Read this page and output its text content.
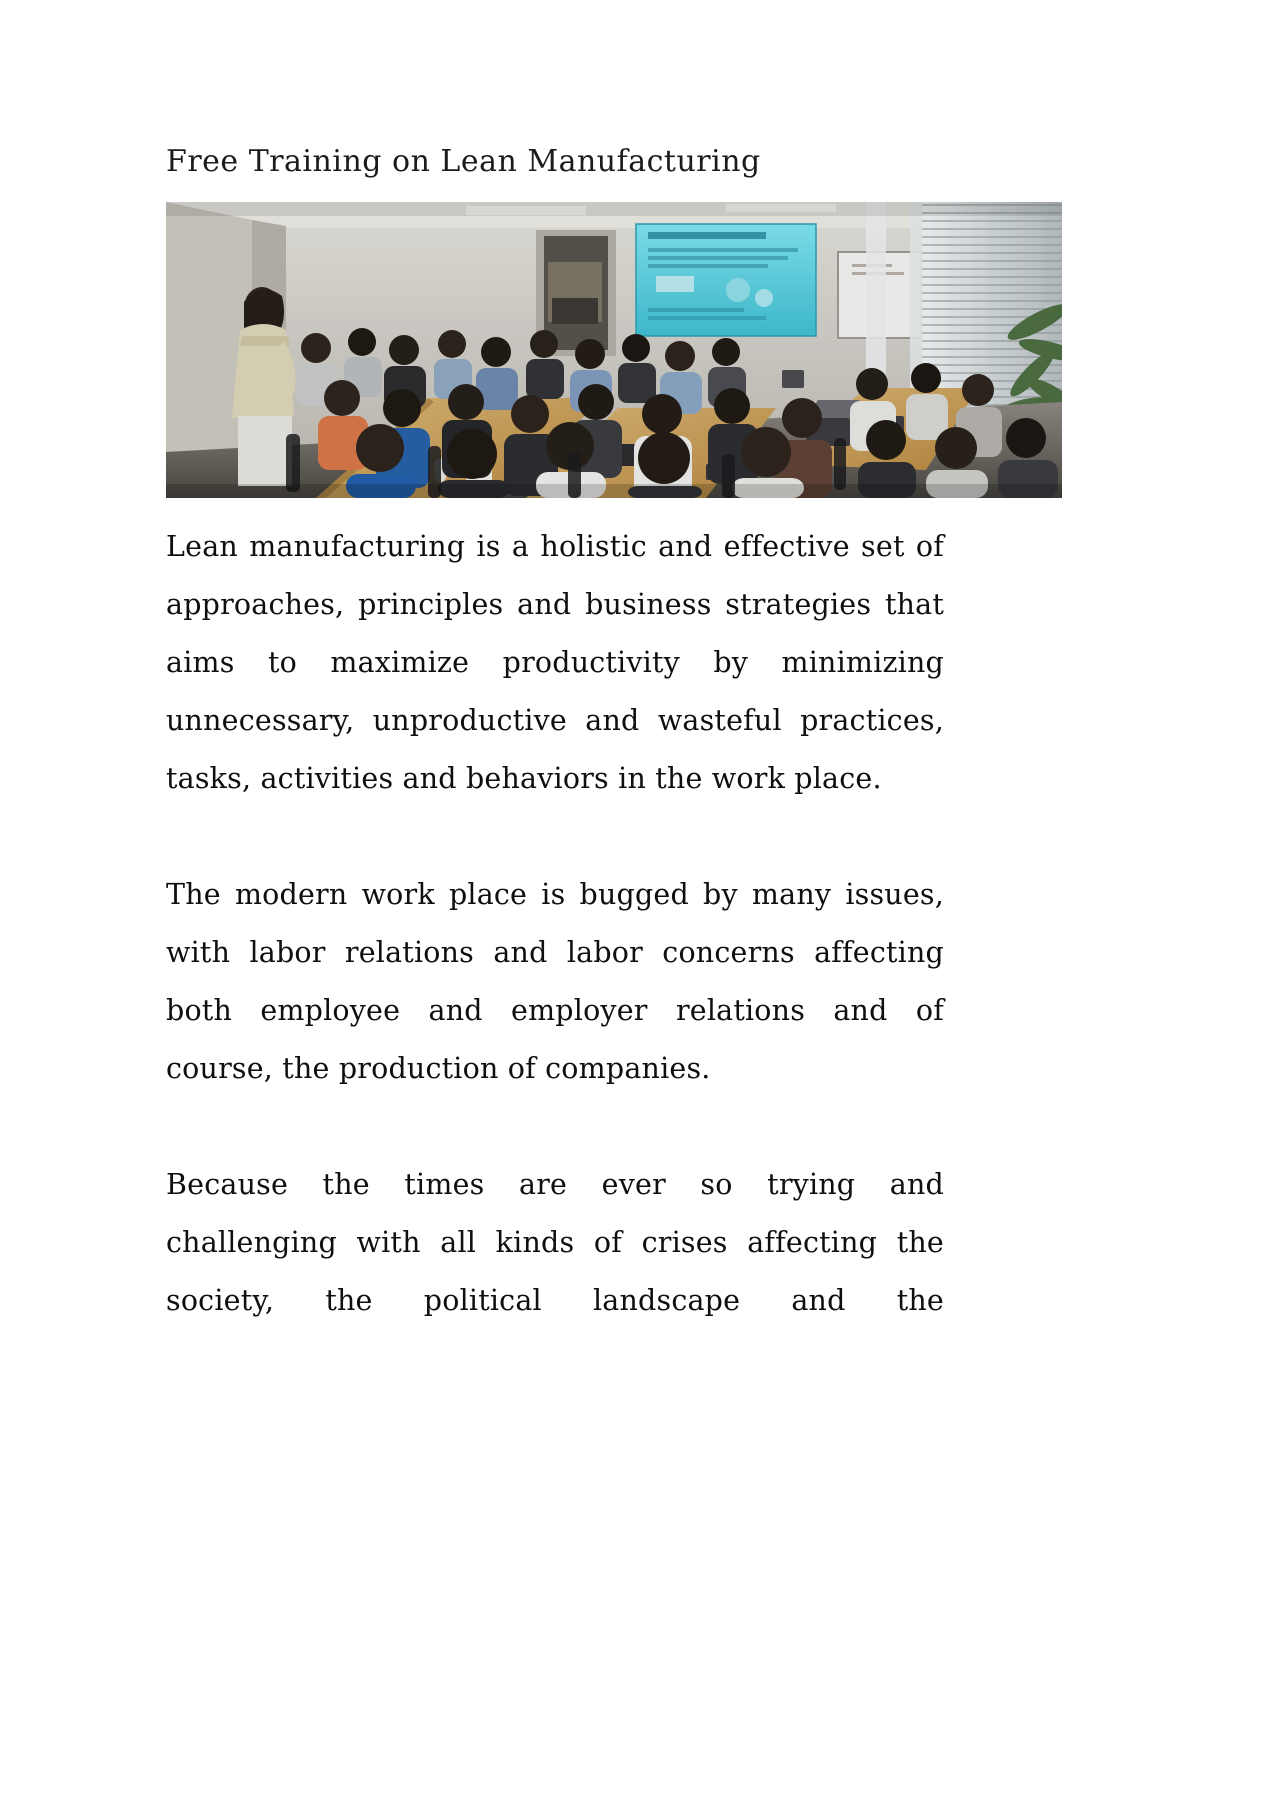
Free Training on Lean Manufacturing

Lean manufacturing is a holistic and effective set of approaches, principles and business strategies that aims to maximize productivity by minimizing unnecessary, unproductive and wasteful practices, tasks, activities and behaviors in the work place.

The modern work place is bugged by many issues, with labor relations and labor concerns affecting both employee and employer relations and of course, the production of companies.

Because the times are ever so trying and challenging with all kinds of crises affecting the society, the political landscape and the
